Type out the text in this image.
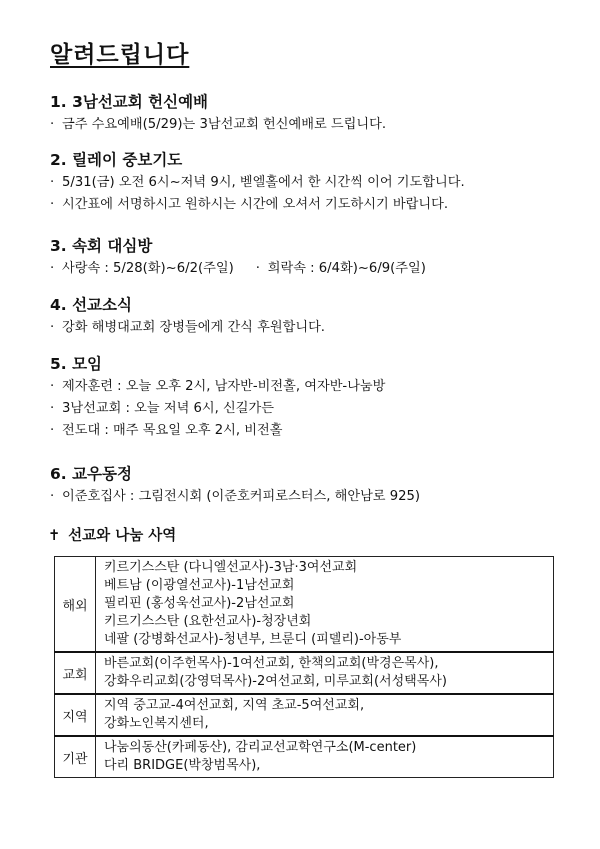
알려드립니다
1. 3남선교회 헌신예배
· 금주 수요예배(5/29)는 3남선교회 헌신예배로 드립니다.
2. 릴레이 중보기도
· 5/31(금) 오전 6시~저녁 9시, 벧엘홀에서 한 시간씩 이어 기도합니다.
· 시간표에 서명하시고 원하시는 시간에 오셔서 기도하시기 바랍니다.
3. 속회 대심방
· 사랑속 : 5/28(화)~6/2(주일) · 희락속 : 6/4화)~6/9(주일)
4. 선교소식
· 강화 해병대교회 장병들에게 간식 후원합니다.
5. 모임
· 제자훈련 : 오늘 오후 2시, 남자반-비전홀, 여자반-나눔방
· 3남선교회 : 오늘 저녁 6시, 신길가든
· 전도대 : 매주 목요일 오후 2시, 비전홀
6. 교우동정
· 이준호집사 : 그림전시회 (이준호커피로스터스, 해안남로 925)
✝ 선교와 나눔 사역
해외	키르기스스탄 (다니엘선교사)-3남·3여선교회
베트남 (이광열선교사)-1남선교회
필리핀 (홍성욱선교사)-2남선교회
키르기스스탄 (요한선교사)-청장년회
네팔 (강병화선교사)-청년부, 브룬디 (피델리)-아동부

교회	바른교회(이주헌목사)-1여선교회, 한책의교회(박경은목사),
강화우리교회(강영덕목사)-2여선교회, 미루교회(서성택목사)

지역	지역 중고교-4여선교회, 지역 초교-5여선교회,
강화노인복지센터,

기관	나눔의동산(카페동산), 감리교선교학연구소(M-center)
다리 BRIDGE(박창범목사),
